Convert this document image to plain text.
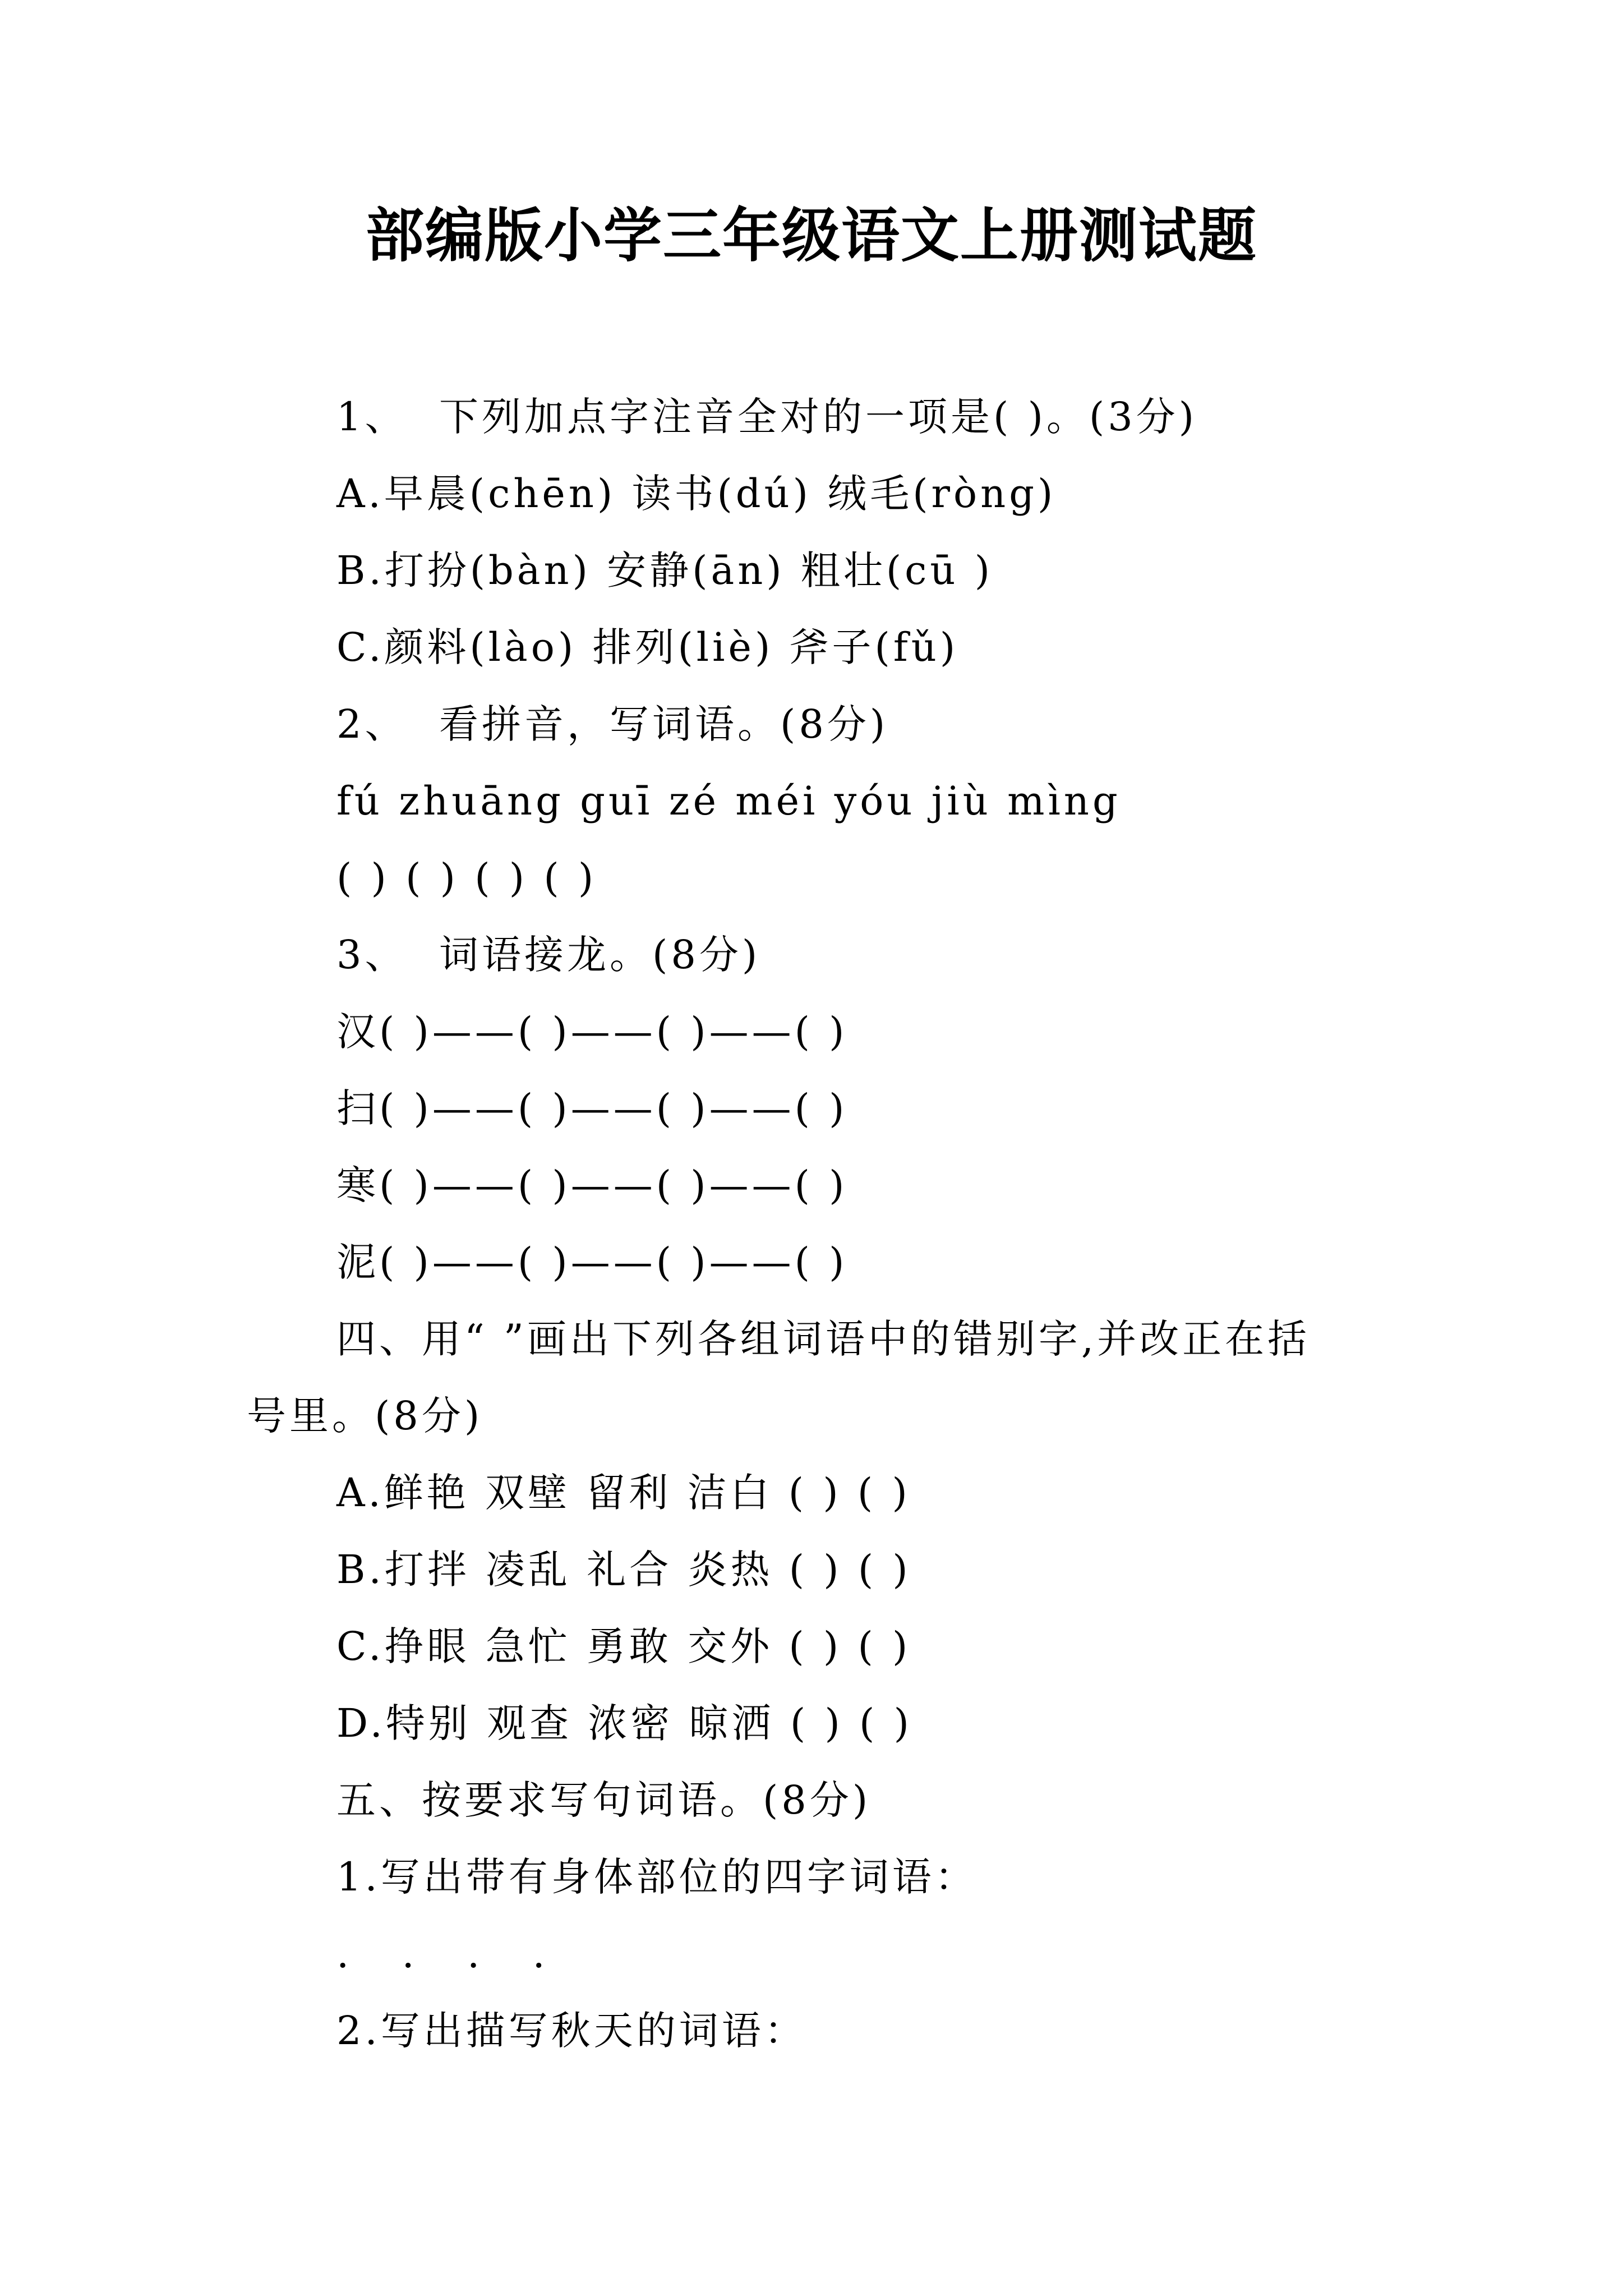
部编版小学三年级语文上册测试题
1、  下列加点字注音全对的一项是( )。(3分)
A.早晨(chēn) 读书(dú) 绒毛(ròng)
B.打扮(bàn) 安静(ān) 粗壮(cū )
C.颜料(lào) 排列(liè) 斧子(fǔ)
2、  看拼音，写词语。(8分)
fú zhuāng guī zé méi yóu jiù mìng
( ) ( ) ( ) ( )
3、  词语接龙。(8分)
汉( )——( )——( )——( )
扫( )——( )——( )——( )
寒( )——( )——( )——( )
泥( )——( )——( )——( )
四、用“ ”画出下列各组词语中的错别字,并改正在括
号里。(8分)
A.鲜艳 双壁 留利 洁白 ( ) ( )
B.打拌 凌乱 礼合 炎热 ( ) ( )
C.挣眼 急忙 勇敢 交外 ( ) ( )
D.特别 观查 浓密 晾洒 ( ) ( )
五、按要求写句词语。(8分)
1.写出带有身体部位的四字词语：
. . . .
2.写出描写秋天的词语：
